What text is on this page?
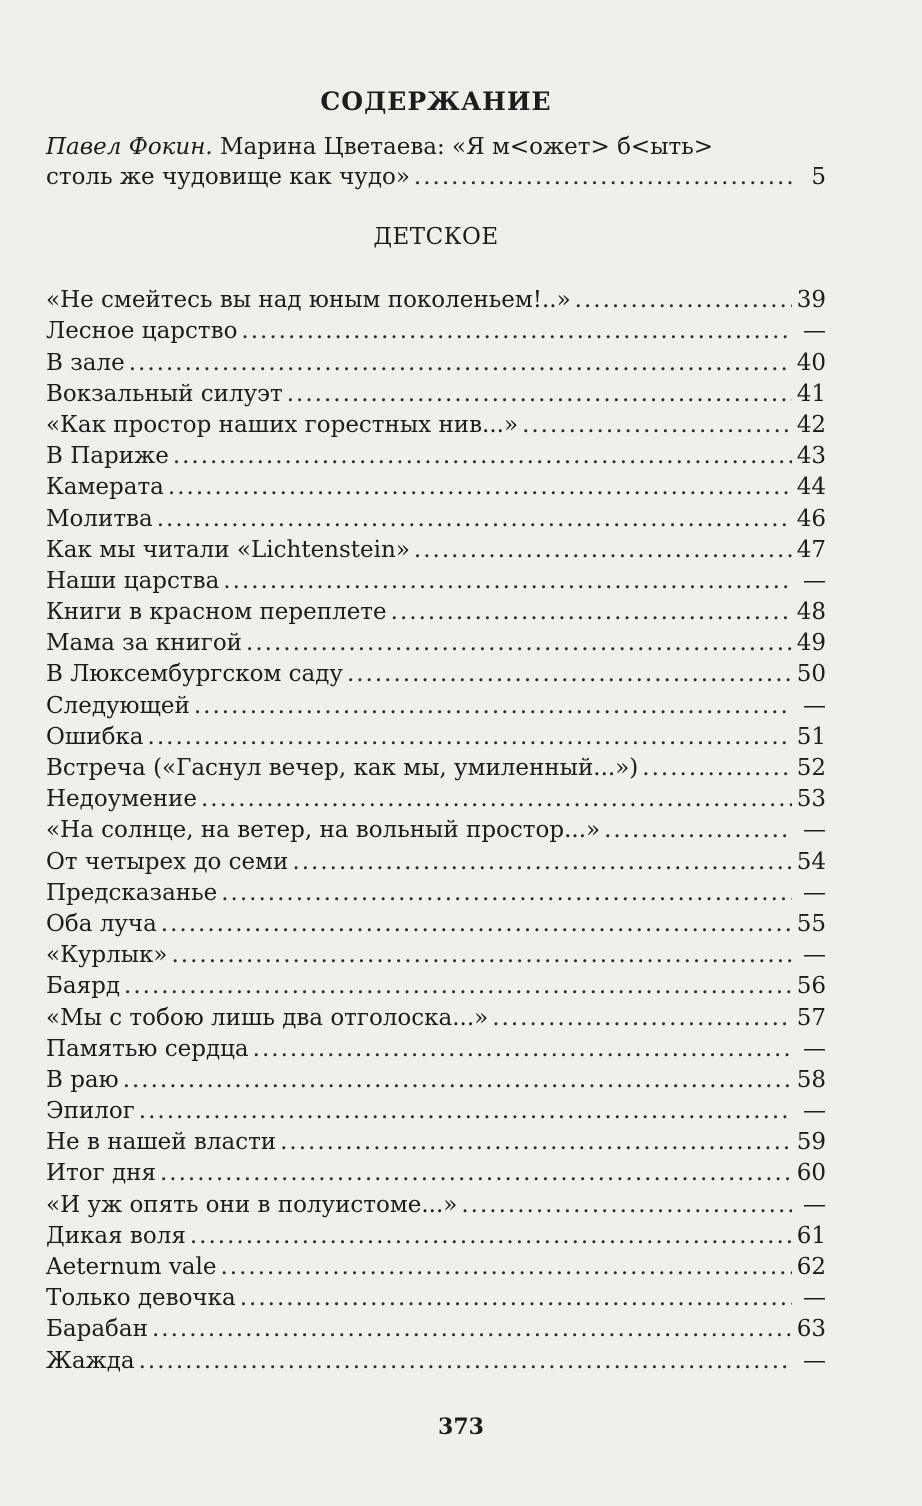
СОДЕРЖАНИЕ
Павел Фокин. Марина Цветаева: «Я м<ожет> б<ыть>
столь же чудовище как чудо» .....	5
ДЕТСКОЕ
«Не смейтесь вы над юным поколеньем!..» .....	39
Лесное царство .....	—
В зале .....	40
Вокзальный силуэт .....	41
«Как простор наших горестных нив...» .....	42
В Париже .....	43
Камерата .....	44
Молитва .....	46
Как мы читали «Lichtenstein» .....	47
Наши царства .....	—
Книги в красном переплете .....	48
Мама за книгой .....	49
В Люксембургском саду .....	50
Следующей .....	—
Ошибка .....	51
Встреча («Гаснул вечер, как мы, умиленный...») .....	52
Недоумение .....	53
«На солнце, на ветер, на вольный простор...» .....	—
От четырех до семи .....	54
Предсказанье .....	—
Оба луча .....	55
«Курлык» .....	—
Баярд .....	56
«Мы с тобою лишь два отголоска...» .....	57
Памятью сердца .....	—
В раю .....	58
Эпилог .....	—
Не в нашей власти .....	59
Итог дня .....	60
«И уж опять они в полуистоме...» .....	—
Дикая воля .....	61
Aeternum vale .....	62
Только девочка .....	—
Барабан .....	63
Жажда .....	—
373
